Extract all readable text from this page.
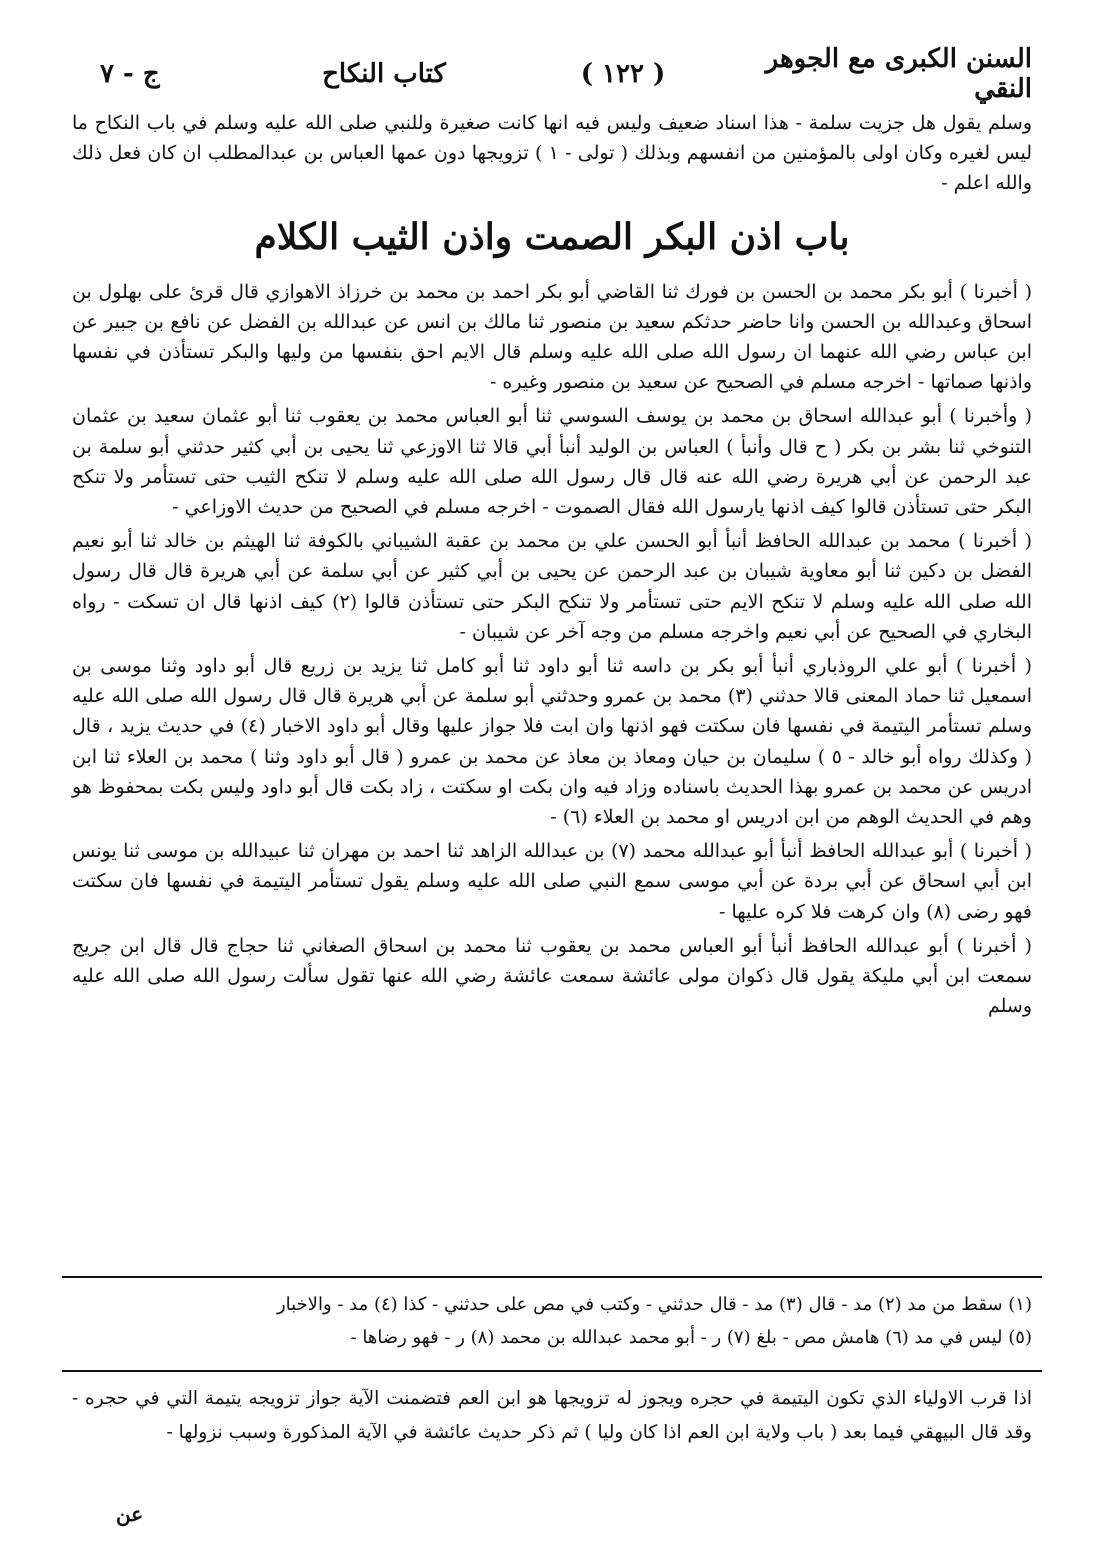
السنن الكبرى مع الجوهر النقي
( ١٢٢ )
كتاب النكاح
ج - ٧

وسلم يقول هل جزيت سلمة - هذا اسناد ضعيف وليس فيه انها كانت صغيرة وللنبي صلى الله عليه وسلم في باب النكاح ما ليس لغيره وكان اولى بالمؤمنين من انفسهم وبذلك ( تولى - ١ ) تزويجها دون عمها العباس بن عبدالمطلب ان كان فعل ذلك والله اعلم -

باب اذن البكر الصمت واذن الثيب الكلام

( أخبرنا ) أبو بكر محمد بن الحسن بن فورك ثنا القاضي أبو بكر احمد بن محمد بن خرزاذ الاهوازي قال قرئ على بهلول بن اسحاق وعبدالله بن الحسن وانا حاضر حدثكم سعيد بن منصور ثنا مالك بن انس عن عبدالله بن الفضل عن نافع بن جبير عن ابن عباس رضي الله عنهما ان رسول الله صلى الله عليه وسلم قال الايم احق بنفسها من وليها والبكر تستأذن في نفسها واذنها صماتها - اخرجه مسلم في الصحيح عن سعيد بن منصور وغيره -

( وأخبرنا ) أبو عبدالله اسحاق بن محمد بن يوسف السوسي ثنا أبو العباس محمد بن يعقوب ثنا أبو عثمان سعيد بن عثمان التنوخي ثنا بشر بن بكر ( ح قال وأنبأ ) العباس بن الوليد أنبأ أبي قالا ثنا الاوزعي ثنا يحيى بن أبي كثير حدثني أبو سلمة بن عبد الرحمن عن أبي هريرة رضي الله عنه قال قال رسول الله صلى الله عليه وسلم لا تنكح الثيب حتى تستأمر ولا تنكح البكر حتى تستأذن قالوا كيف اذنها يارسول الله فقال الصموت - اخرجه مسلم في الصحيح من حديث الاوزاعي -

( أخبرنا ) محمد بن عبدالله الحافظ أنبأ أبو الحسن علي بن محمد بن عقبة الشيباني بالكوفة ثنا الهيثم بن خالد ثنا أبو نعيم الفضل بن دكين ثنا أبو معاوية شيبان بن عبد الرحمن عن يحيى بن أبي كثير عن أبي سلمة عن أبي هريرة قال قال رسول الله صلى الله عليه وسلم لا تنكح الايم حتى تستأمر ولا تنكح البكر حتى تستأذن قالوا (٢) كيف اذنها قال ان تسكت - رواه البخاري في الصحيح عن أبي نعيم واخرجه مسلم من وجه آخر عن شيبان -

( أخبرنا ) أبو علي الروذباري أنبأ أبو بكر بن داسه ثنا أبو داود ثنا أبو كامل ثنا يزيد بن زريع قال أبو داود وثنا موسى بن اسمعيل ثنا حماد المعنى قالا حدثني (٣) محمد بن عمرو وحدثني أبو سلمة عن أبي هريرة قال قال رسول الله صلى الله عليه وسلم تستأمر اليتيمة في نفسها فان سكتت فهو اذنها وان ابت فلا جواز عليها وقال أبو داود الاخبار (٤) في حديث يزيد ، قال ( وكذلك رواه أبو خالد - ٥ ) سليمان بن حيان ومعاذ بن معاذ عن محمد بن عمرو ( قال أبو داود وثنا ) محمد بن العلاء ثنا ابن ادريس عن محمد بن عمرو بهذا الحديث باسناده وزاد فيه وان بكت او سكتت ، زاد بكت قال أبو داود وليس بكت بمحفوظ هو وهم في الحديث الوهم من ابن ادريس او محمد بن العلاء (٦) -

( أخبرنا ) أبو عبدالله الحافظ أنبأ أبو عبدالله محمد (٧) بن عبدالله الزاهد ثنا احمد بن مهران ثنا عبيدالله بن موسى ثنا يونس ابن أبي اسحاق عن أبي بردة عن أبي موسى سمع النبي صلى الله عليه وسلم يقول تستأمر اليتيمة في نفسها فان سكتت فهو رضى (٨) وان كرهت فلا كره عليها -

( أخبرنا ) أبو عبدالله الحافظ أنبأ أبو العباس محمد بن يعقوب ثنا محمد بن اسحاق الصغاني ثنا حجاج قال قال ابن جريج سمعت ابن أبي مليكة يقول قال ذكوان مولى عائشة سمعت عائشة رضي الله عنها تقول سألت رسول الله صلى الله عليه وسلم

(١) سقط من مد (٢) مد - قال (٣) مد - قال حدثني - وكتب في مص على حدثني - كذا (٤) مد - والاخبار
(٥) ليس في مد (٦) هامش مص - بلغ (٧) ر - أبو محمد عبدالله بن محمد (٨) ر - فهو رضاها -
اذا قرب الاولياء الذي تكون اليتيمة في حجره ويجوز له تزويجها هو ابن العم فتضمنت الآية جواز تزويجه يتيمة التي في حجره - وقد قال البيهقي فيما بعد ( باب ولاية ابن العم اذا كان وليا ) ثم ذكر حديث عائشة في الآية المذكورة وسبب نزولها -
عن
